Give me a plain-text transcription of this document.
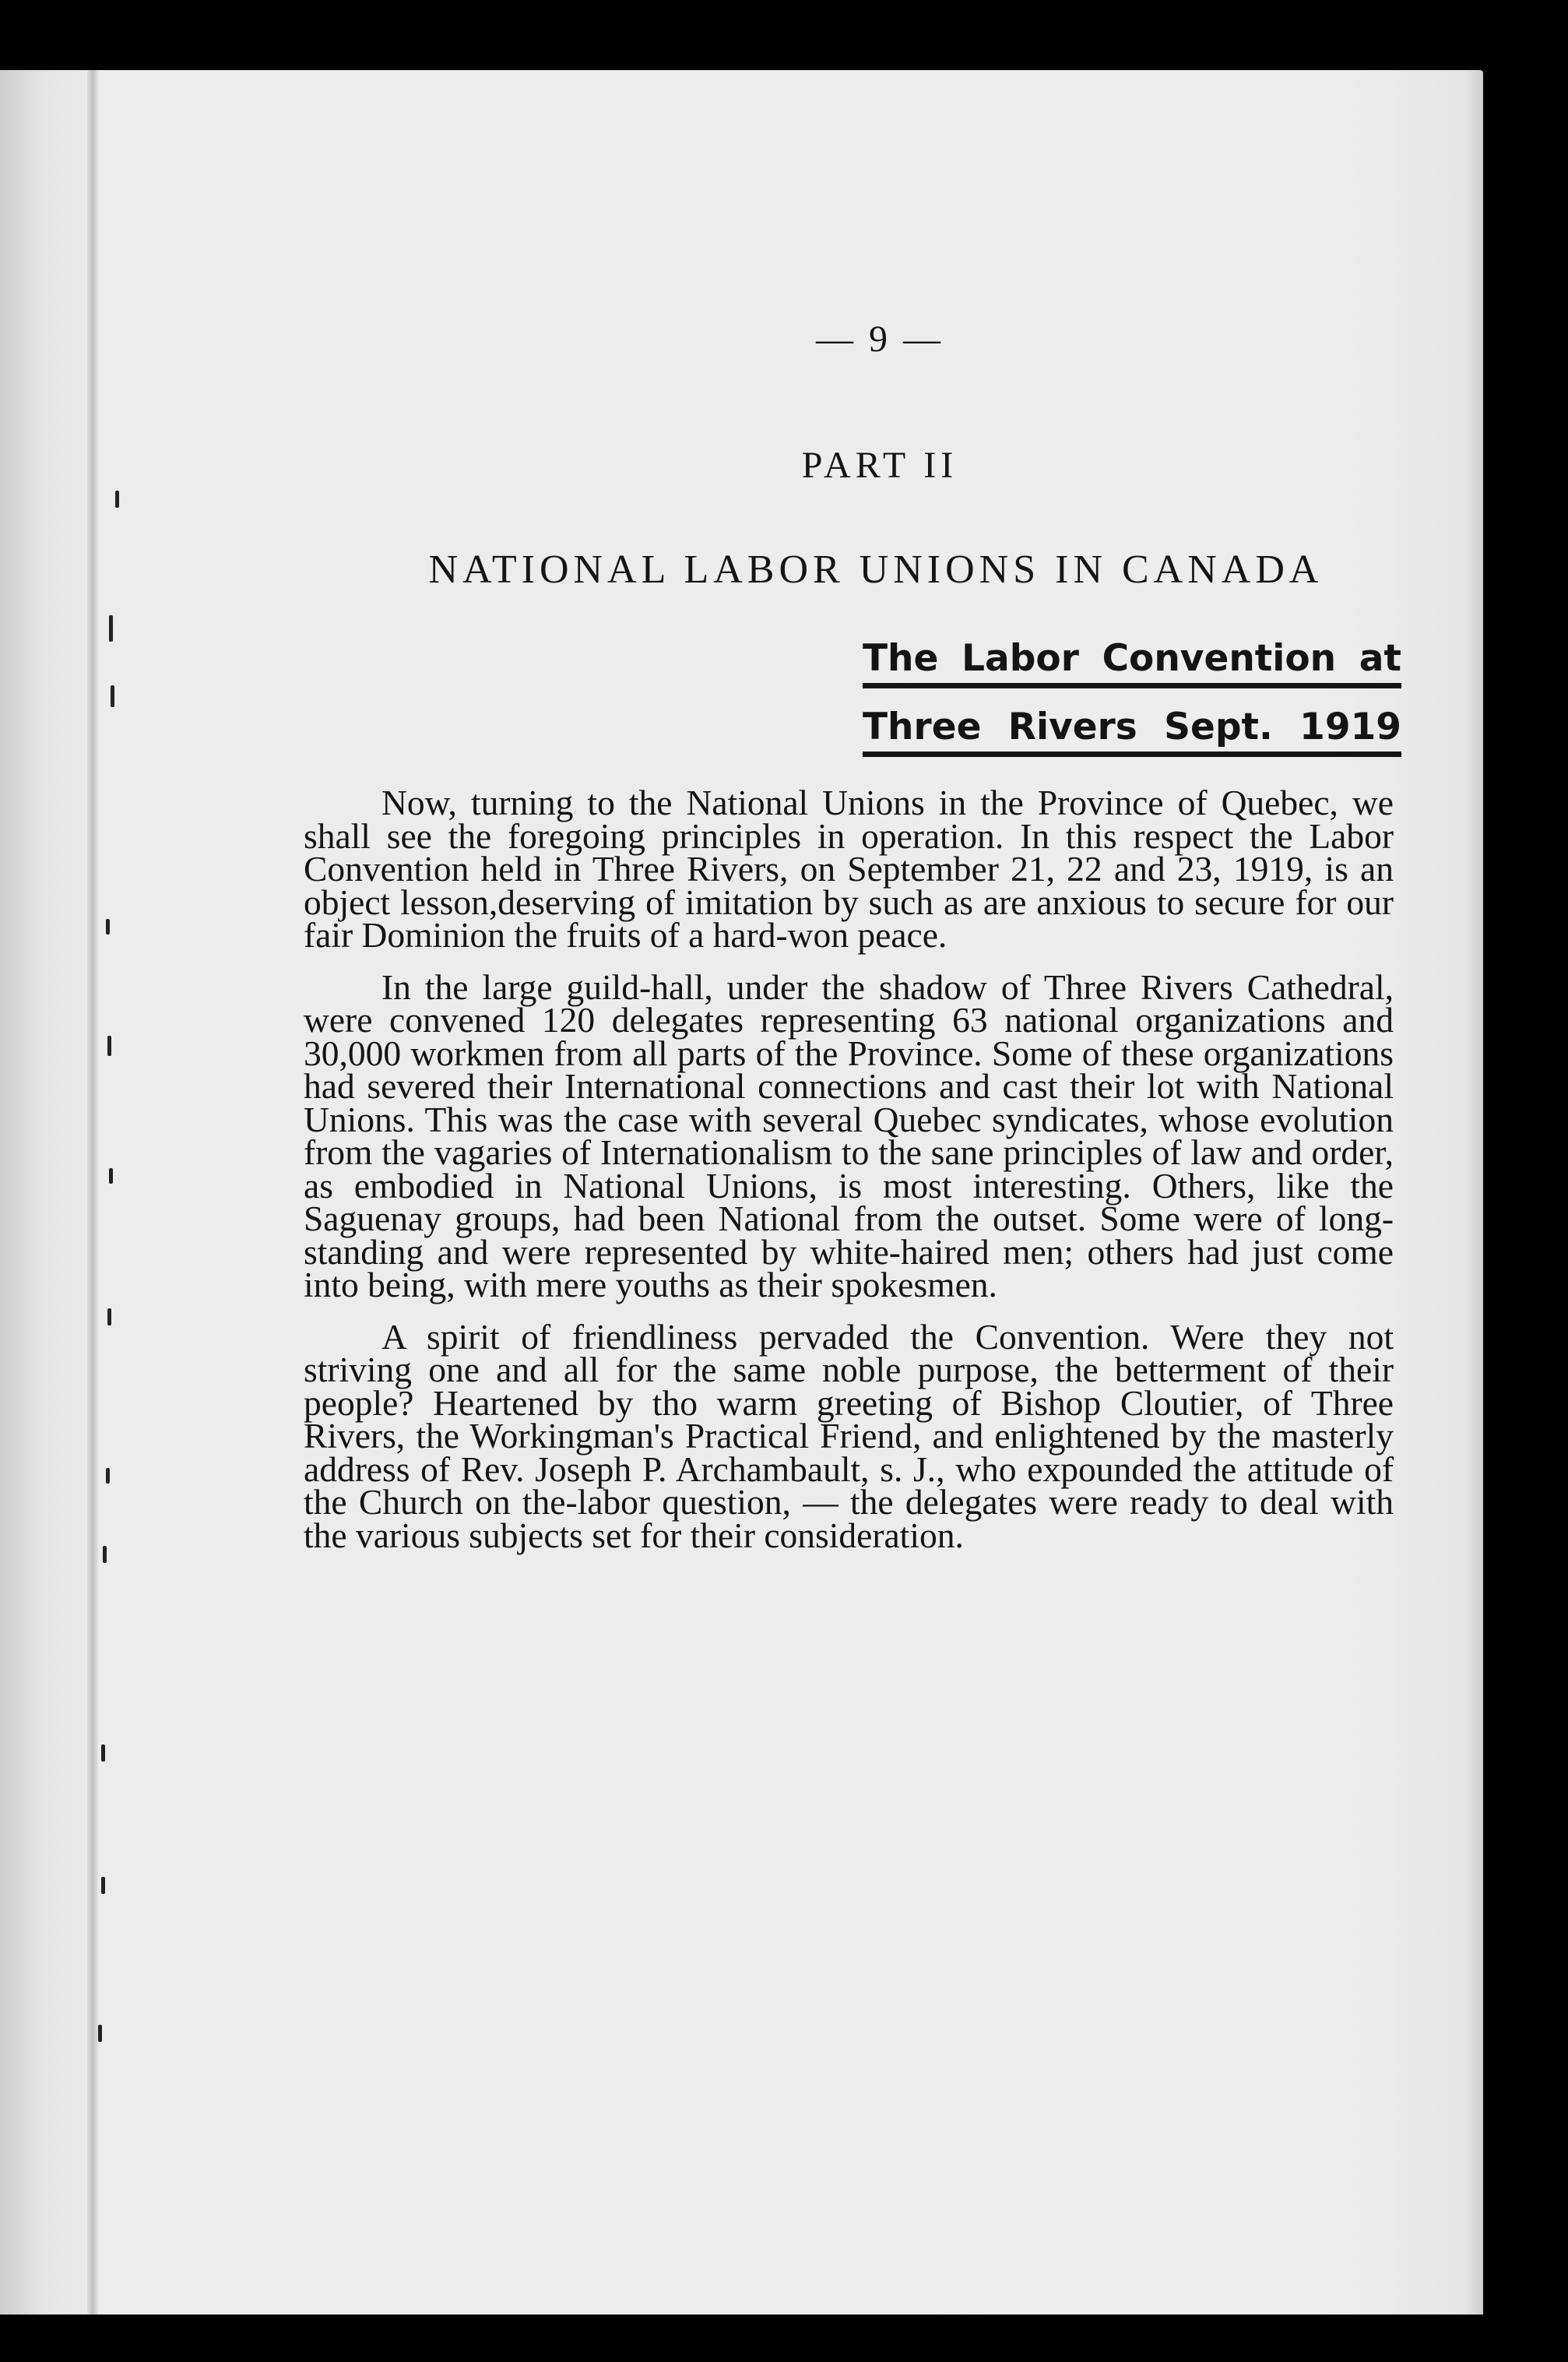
— 9 —
PART II
NATIONAL LABOR UNIONS IN CANADA
The Labor Convention at
Three Rivers Sept. 1919

Now, turning to the National Unions in the Province of Quebec, we shall see the foregoing principles in operation. In this respect the Labor Convention held in Three Rivers, on September 21, 22 and 23, 1919, is an object lesson,deserving of imitation by such as are anxious to secure for our fair Dominion the fruits of a hard-won peace.

In the large guild-hall, under the shadow of Three Rivers Cathedral, were convened 120 delegates representing 63 national organizations and 30,000 workmen from all parts of the Province. Some of these organizations had severed their International connections and cast their lot with National Unions. This was the case with several Quebec syndicates, whose evolution from the vagaries of Internationalism to the sane principles of law and order, as embodied in National Unions, is most interesting. Others, like the Saguenay groups, had been National from the outset. Some were of long-standing and were represented by white-haired men; others had just come into being, with mere youths as their spokesmen.

A spirit of friendliness pervaded the Convention. Were they not striving one and all for the same noble purpose, the betterment of their people? Heartened by tho warm greeting of Bishop Cloutier, of Three Rivers, the Workingman's Practical Friend, and enlightened by the masterly address of Rev. Joseph P. Archambault, s. J., who expounded the attitude of the Church on the-labor question, — the delegates were ready to deal with the various subjects set for their consideration.
